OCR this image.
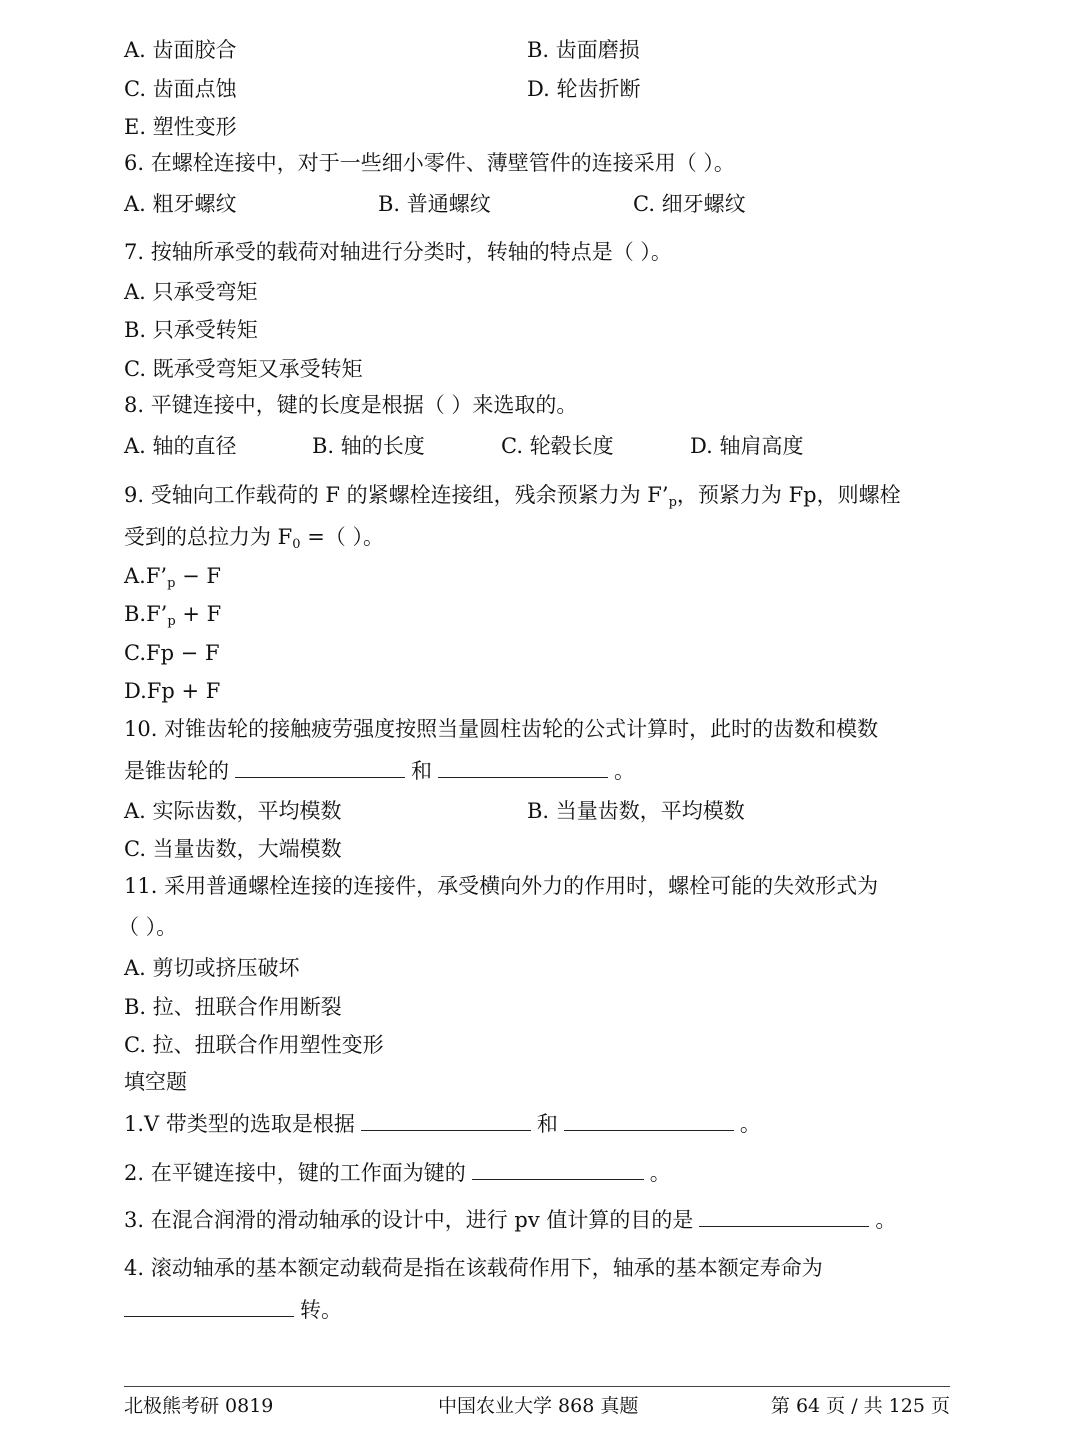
A. 齿面胶合	B. 齿面磨损
C. 齿面点蚀	D. 轮齿折断
E. 塑性变形
6. 在螺栓连接中，对于一些细小零件、薄壁管件的连接采用（ ）。
A. 粗牙螺纹	B. 普通螺纹	C. 细牙螺纹
7. 按轴所承受的载荷对轴进行分类时，转轴的特点是（ ）。
A. 只承受弯矩
B. 只承受转矩
C. 既承受弯矩又承受转矩
8. 平键连接中，键的长度是根据（ ）来选取的。
A. 轴的直径	B. 轴的长度	C. 轮毂长度	D. 轴肩高度
9. 受轴向工作载荷的 F 的紧螺栓连接组，残余预紧力为 $F’_p$，预紧力为 Fp，则螺栓
受到的总拉力为 $F_0$ =（ ）。
$A.F’_p - F$
$B.F’_p + F$
C.Fp − F
D.Fp + F
10. 对锥齿轮的接触疲劳强度按照当量圆柱齿轮的公式计算时，此时的齿数和模数
是锥齿轮的	和	。
A. 实际齿数，平均模数	B. 当量齿数，平均模数
C. 当量齿数，大端模数
11. 采用普通螺栓连接的连接件，承受横向外力的作用时，螺栓可能的失效形式为
（ ）。
A. 剪切或挤压破坏
B. 拉、扭联合作用断裂
C. 拉、扭联合作用塑性变形
填空题
1.V 带类型的选取是根据	和	。
2. 在平键连接中，键的工作面为键的	。
3. 在混合润滑的滑动轴承的设计中，进行 pv 值计算的目的是	。
4. 滚动轴承的基本额定动载荷是指在该载荷作用下，轴承的基本额定寿命为
转。
北极熊考研 0819	中国农业大学 868 真题	第 64 页 / 共 125 页
